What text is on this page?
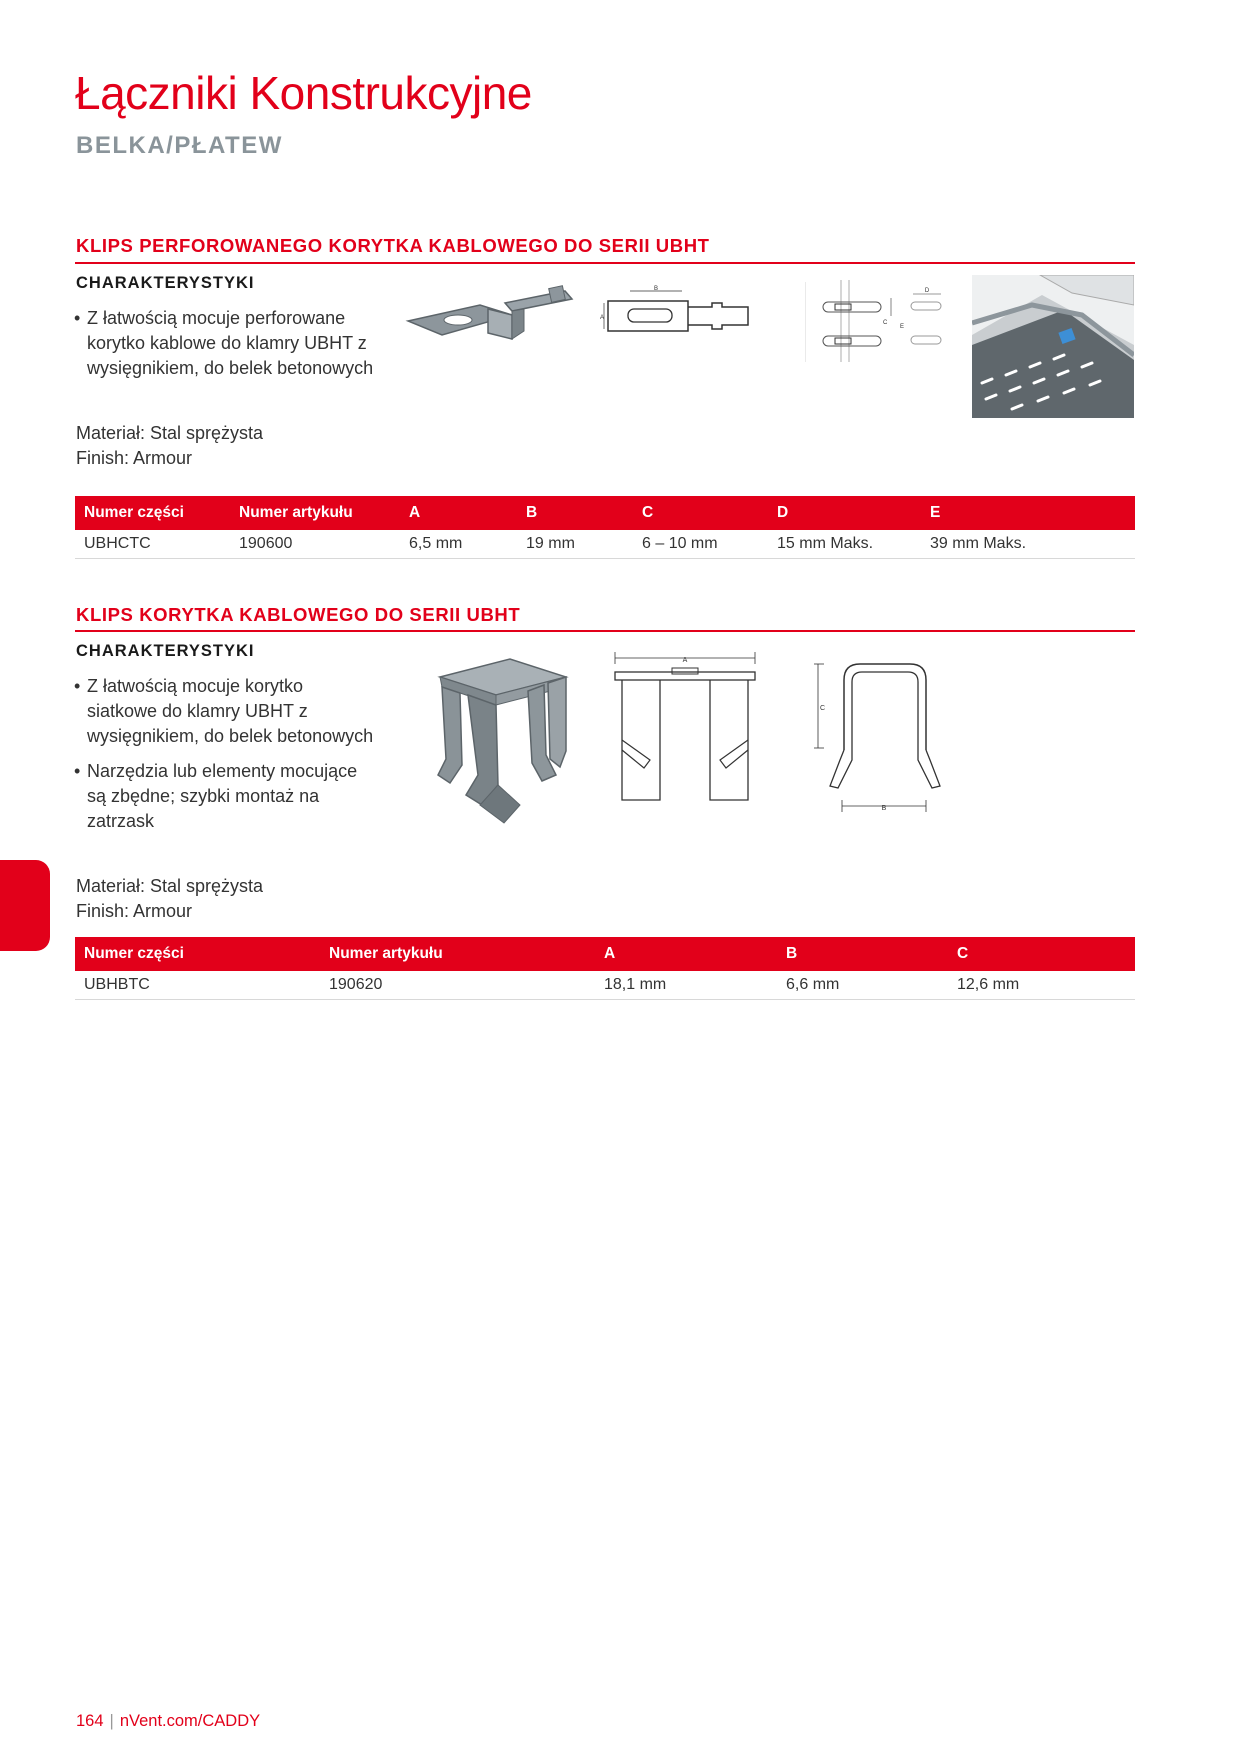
Łączniki Konstrukcyjne
BELKA/PŁATEW
KLIPS PERFOROWANEGO KORYTKA KABLOWEGO DO SERII UBHT
CHARAKTERYSTYKI
• Z łatwością mocuje perforowane korytko kablowe do klamry UBHT z wysięgnikiem, do belek betonowych
Materiał: Stal sprężysta
Finish: Armour
B
A
D
C
E
Numer części	Numer artykułu	A	B	C	D	E
UBHCTC	190600	6,5 mm	19 mm	6 – 10 mm	15 mm Maks.	39 mm Maks.
KLIPS KORYTKA KABLOWEGO DO SERII UBHT
CHARAKTERYSTYKI
• Z łatwością mocuje korytko siatkowe do klamry UBHT z wysięgnikiem, do belek betonowych
• Narzędzia lub elementy mocujące są zbędne; szybki montaż na zatrzask
Materiał: Stal sprężysta
Finish: Armour
A
C
B
Numer części	Numer artykułu	A	B	C
UBHBTC	190620	18,1 mm	6,6 mm	12,6 mm
164 | nVent.com/CADDY
